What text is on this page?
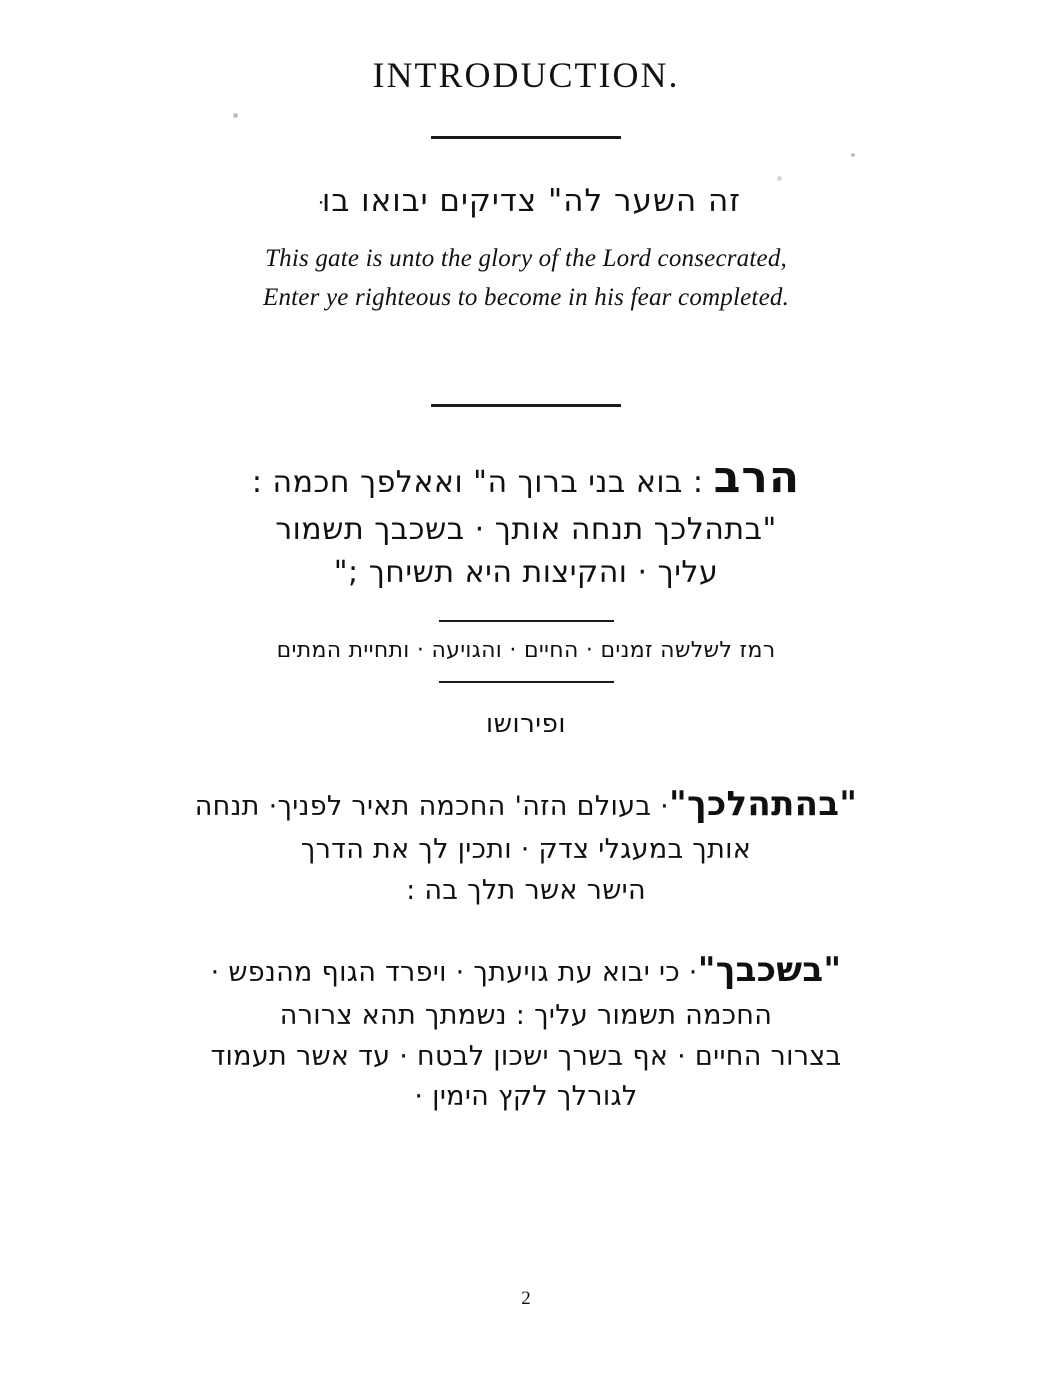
INTRODUCTION.
זה השער לה" צדיקים יבואו בו ּ
This gate is unto the glory of the Lord consecrated,
Enter ye righteous to become in his fear completed.
הרב : בוא בני ברוך ה" ואאלפך חכמה :
"בתהלכך תנחה אותך · בשכבך תשמור
עליך · והקיצות היא תשיחך ;"
רמז לשלשה זמנים · החיים · והגויעה · ותחיית המתים
ופירושו

"בהתהלכך"· בעולם הזה' החכמה תאיר לפניך· תנחה

אותך במעגלי צדק · ותכין לך את הדרך

הישר אשר תלך בה :

"בשכבך"· כי יבוא עת גויעתך · ויפרד הגוף מהנפש ·

החכמה תשמור עליך : נשמתך תהא צרורה

בצרור החיים · אף בשרך ישכון לבטח · עד אשר תעמוד

לגורלך לקץ הימין ·

2
